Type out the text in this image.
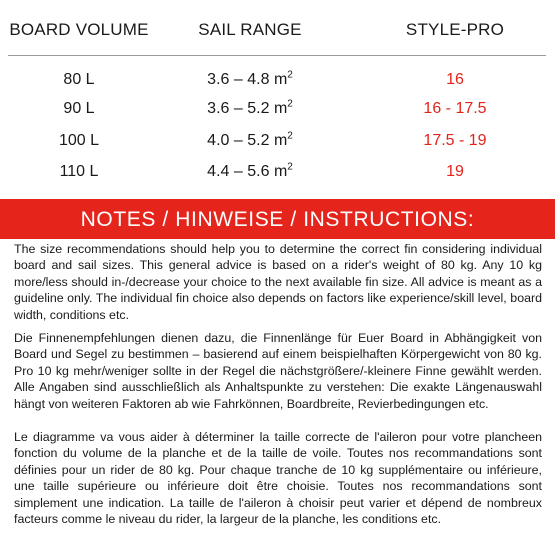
BOARD VOLUME	SAIL RANGE	STYLE-PRO
80 L	3.6 – 4.8 $m^2$	16
90 L	3.6 – 5.2 $m^2$	16 - 17.5
100 L	4.0 – 5.2 $m^2$	17.5 - 19
110 L	4.4 – 5.6 $m^2$	19
NOTES / HINWEISE / INSTRUCTIONS:

The size recommendations should help you to determine the correct fin considering individual board and sail sizes. This general advice is based on a rider's weight of 80 kg. Any 10 kg more/less should in-/decrease your choice to the next available fin size. All advice is meant as a guideline only. The individual fin choice also depends on factors like experience/skill level, board width, conditions etc.

Die Finnenempfehlungen dienen dazu, die Finnenlänge für Euer Board in Abhängigkeit von Board und Segel zu bestimmen – basierend auf einem beispielhaften Körpergewicht von 80 kg. Pro 10 kg mehr/weniger sollte in der Regel die nächstgrößere/-kleinere Finne gewählt werden. Alle Angaben sind ausschließlich als Anhaltspunkte zu verstehen: Die exakte Längenauswahl hängt von weiteren Faktoren ab wie Fahrkönnen, Boardbreite, Revierbedingungen etc.

Le diagramme va vous aider à déterminer la taille correcte de l'aileron pour votre plancheen fonction du volume de la planche et de la taille de voile. Toutes nos recommandations sont définies pour un rider de 80 kg. Pour chaque tranche de 10 kg supplémentaire ou inférieure, une taille supérieure ou inférieure doit être choisie. Toutes nos recommandations sont simplement une indication. La taille de l'aileron à choisir peut varier et dépend de nombreux facteurs comme le niveau du rider, la largeur de la planche, les conditions etc.
